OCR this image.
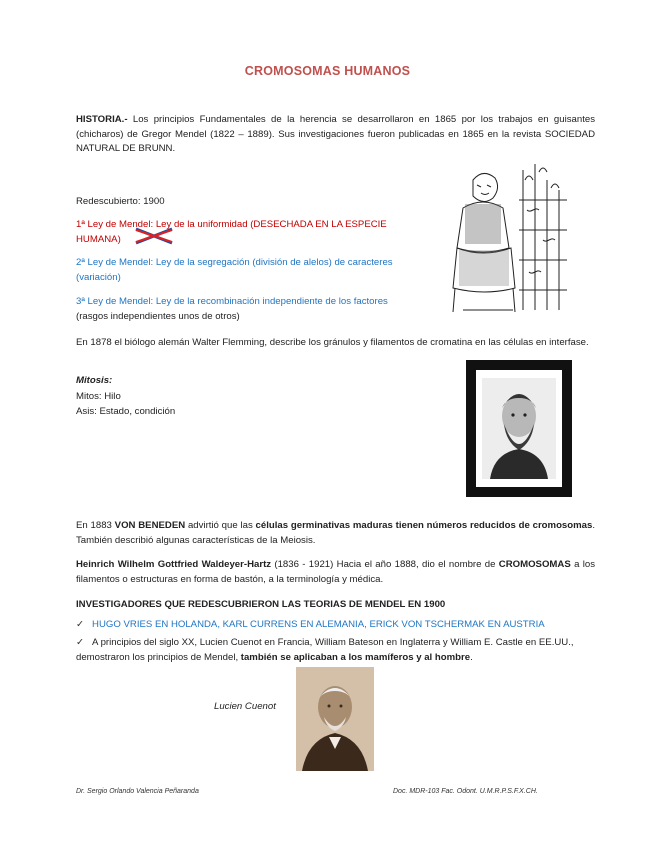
CROMOSOMAS HUMANOS
HISTORIA.- Los principios Fundamentales de la herencia se desarrollaron en 1865 por los trabajos en guisantes (chicharos) de Gregor Mendel (1822 – 1889). Sus investigaciones fueron publicadas en 1865 en la revista SOCIEDAD NATURAL DE BRUNN.
Redescubierto: 1900
1ª Ley de Mendel: Ley de la uniformidad (DESECHADA EN LA ESPECIE HUMANA)
2ª Ley de Mendel: Ley de la segregación (división de alelos) de caracteres (variación)
3ª Ley de Mendel: Ley de la recombinación independiente de los factores (rasgos independientes unos de otros)
En 1878 el biólogo alemán Walter Flemming, describe los gránulos y filamentos de cromatina en las células en interfase.
Mitosis:
Mitos: Hilo
Asis: Estado, condición
En 1883 VON BENEDEN advirtió que las células germinativas maduras tienen números reducidos de cromosomas. También describió algunas características de la Meiosis.
Heinrich Wilhelm Gottfried Waldeyer-Hartz (1836 - 1921) Hacia el año 1888, dio el nombre de CROMOSOMAS a los filamentos o estructuras en forma de bastón, a la terminología y médica.
INVESTIGADORES QUE REDESCUBRIERON LAS TEORIAS DE MENDEL EN 1900
✓ HUGO VRIES EN HOLANDA, KARL CURRENS EN ALEMANIA, ERICK VON TSCHERMAK EN AUSTRIA
✓ A principios del siglo XX, Lucien Cuenot en Francia, William Bateson en Inglaterra y William E. Castle en EE.UU., demostraron los principios de Mendel, también se aplicaban a los mamíferos y al hombre.
Lucien Cuenot
Dr. Sergio Orlando Valencia Peñaranda	Doc. MDR-103 Fac. Odont. U.M.R.P.S.F.X.CH.
